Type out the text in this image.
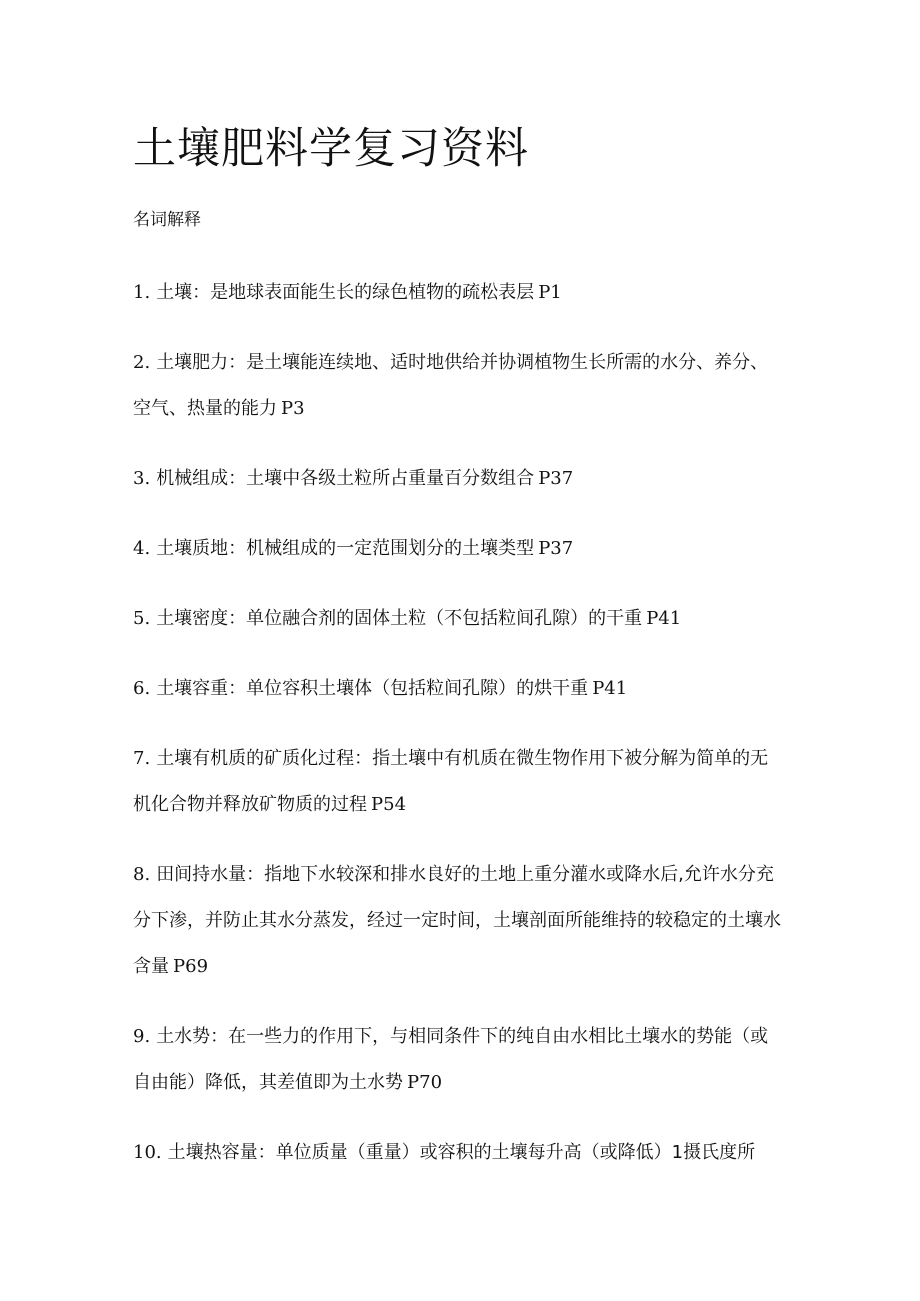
土壤肥料学复习资料

名词解释

1. 土壤：是地球表面能生长的绿色植物的疏松表层 P1
2. 土壤肥力：是土壤能连续地、适时地供给并协调植物生长所需的水分、养分、
空气、热量的能力 P3
3. 机械组成：土壤中各级土粒所占重量百分数组合 P37
4. 土壤质地：机械组成的一定范围划分的土壤类型 P37
5. 土壤密度：单位融合剂的固体土粒（不包括粒间孔隙）的干重 P41
6. 土壤容重：单位容积土壤体（包括粒间孔隙）的烘干重 P41
7. 土壤有机质的矿质化过程：指土壤中有机质在微生物作用下被分解为简单的无
机化合物并释放矿物质的过程 P54
8. 田间持水量：指地下水较深和排水良好的土地上重分灌水或降水后,允许水分充
分下渗，并防止其水分蒸发，经过一定时间，土壤剖面所能维持的较稳定的土壤水
含量 P69
9. 土水势：在一些力的作用下，与相同条件下的纯自由水相比土壤水的势能（或
自由能）降低，其差值即为土水势 P70
10. 土壤热容量：单位质量（重量）或容积的土壤每升高（或降低）1摄氏度所
